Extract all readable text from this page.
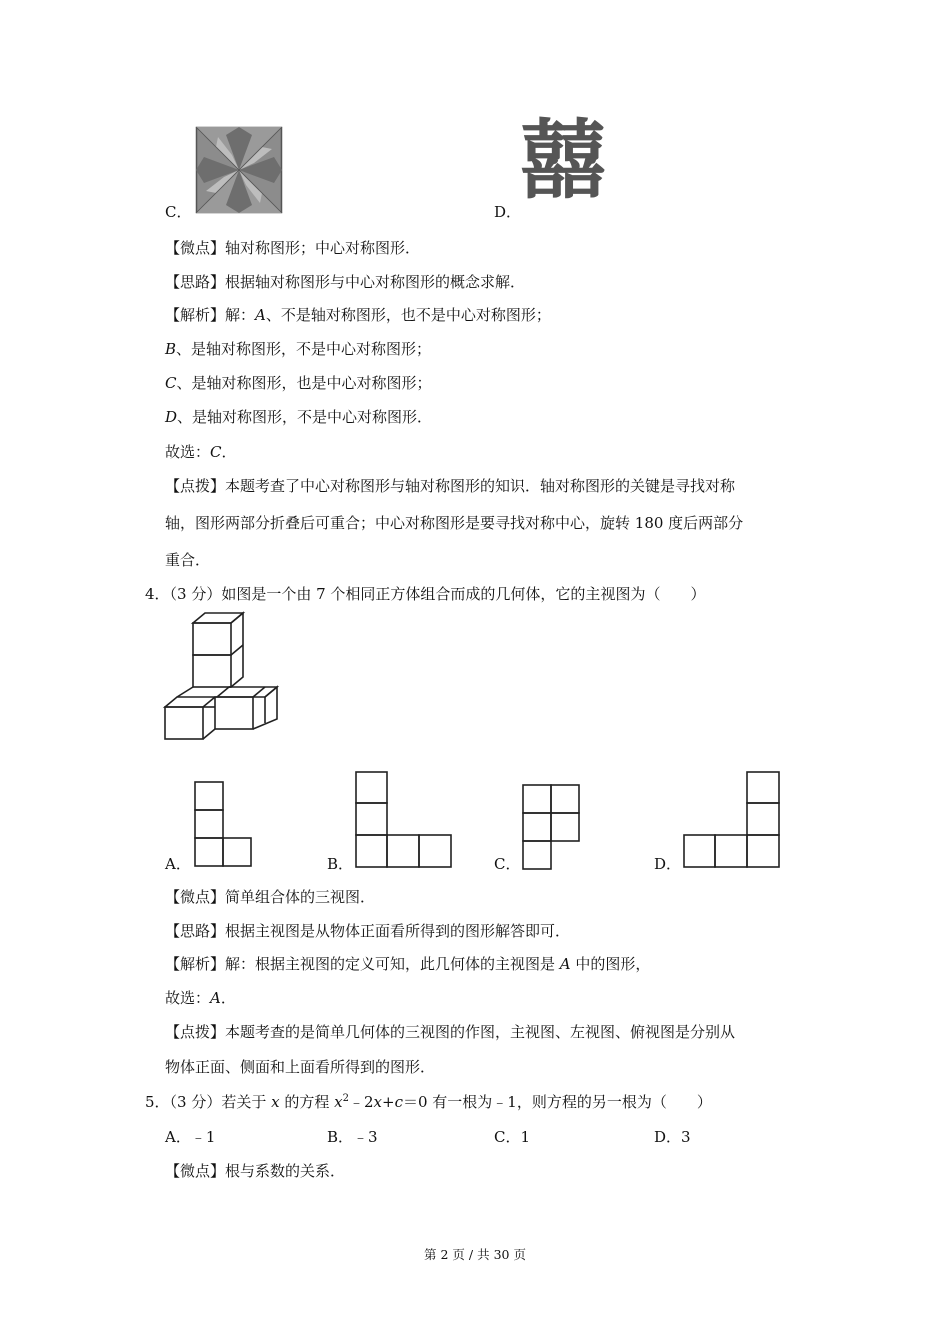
C．	D．
囍
【微点】轴对称图形；中心对称图形．
【思路】根据轴对称图形与中心对称图形的概念求解．
【解析】解：A、不是轴对称图形，也不是中心对称图形；
B、是轴对称图形，不是中心对称图形；
C、是轴对称图形，也是中心对称图形；
D、是轴对称图形，不是中心对称图形．
故选：C．
【点拨】本题考查了中心对称图形与轴对称图形的知识．轴对称图形的关键是寻找对称
轴，图形两部分折叠后可重合；中心对称图形是要寻找对称中心，旋转 180 度后两部分
重合．
4．（3 分）如图是一个由 7 个相同正方体组合而成的几何体，它的主视图为（　　）
A．	B．	C．	D．
【微点】简单组合体的三视图．
【思路】根据主视图是从物体正面看所得到的图形解答即可．
【解析】解：根据主视图的定义可知，此几何体的主视图是 A 中的图形，
故选：A．
【点拨】本题考查的是简单几何体的三视图的作图，主视图、左视图、俯视图是分别从
物体正面、侧面和上面看所得到的图形．
5．（3 分）若关于 x 的方程 $x^2﹣2x+c=0$ 有一根为﹣1，则方程的另一根为（　　）
A．﹣1	B．﹣3	C．1	D．3
【微点】根与系数的关系．
第 2 页 / 共 30 页
